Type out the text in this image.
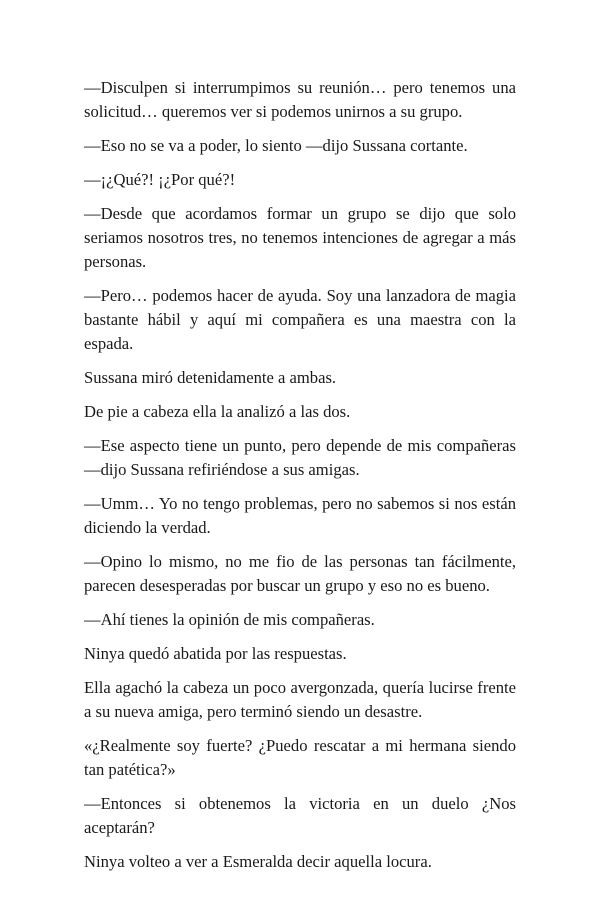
—Disculpen si interrumpimos su reunión… pero tenemos una solicitud… queremos ver si podemos unirnos a su grupo.

—Eso no se va a poder, lo siento —dijo Sussana cortante.

—¡¿Qué?! ¡¿Por qué?!

—Desde que acordamos formar un grupo se dijo que solo seriamos nosotros tres, no tenemos intenciones de agregar a más personas.

—Pero… podemos hacer de ayuda. Soy una lanzadora de magia bastante hábil y aquí mi compañera es una maestra con la espada.

Sussana miró detenidamente a ambas.

De pie a cabeza ella la analizó a las dos.

—Ese aspecto tiene un punto, pero depende de mis compañeras —dijo Sussana refiriéndose a sus amigas.

—Umm… Yo no tengo problemas, pero no sabemos si nos están diciendo la verdad.

—Opino lo mismo, no me fio de las personas tan fácilmente, parecen desesperadas por buscar un grupo y eso no es bueno.

—Ahí tienes la opinión de mis compañeras.

Ninya quedó abatida por las respuestas.

Ella agachó la cabeza un poco avergonzada, quería lucirse frente a su nueva amiga, pero terminó siendo un desastre.

«¿Realmente soy fuerte? ¿Puedo rescatar a mi hermana siendo tan patética?»

—Entonces si obtenemos la victoria en un duelo ¿Nos aceptarán?

Ninya volteo a ver a Esmeralda decir aquella locura.
